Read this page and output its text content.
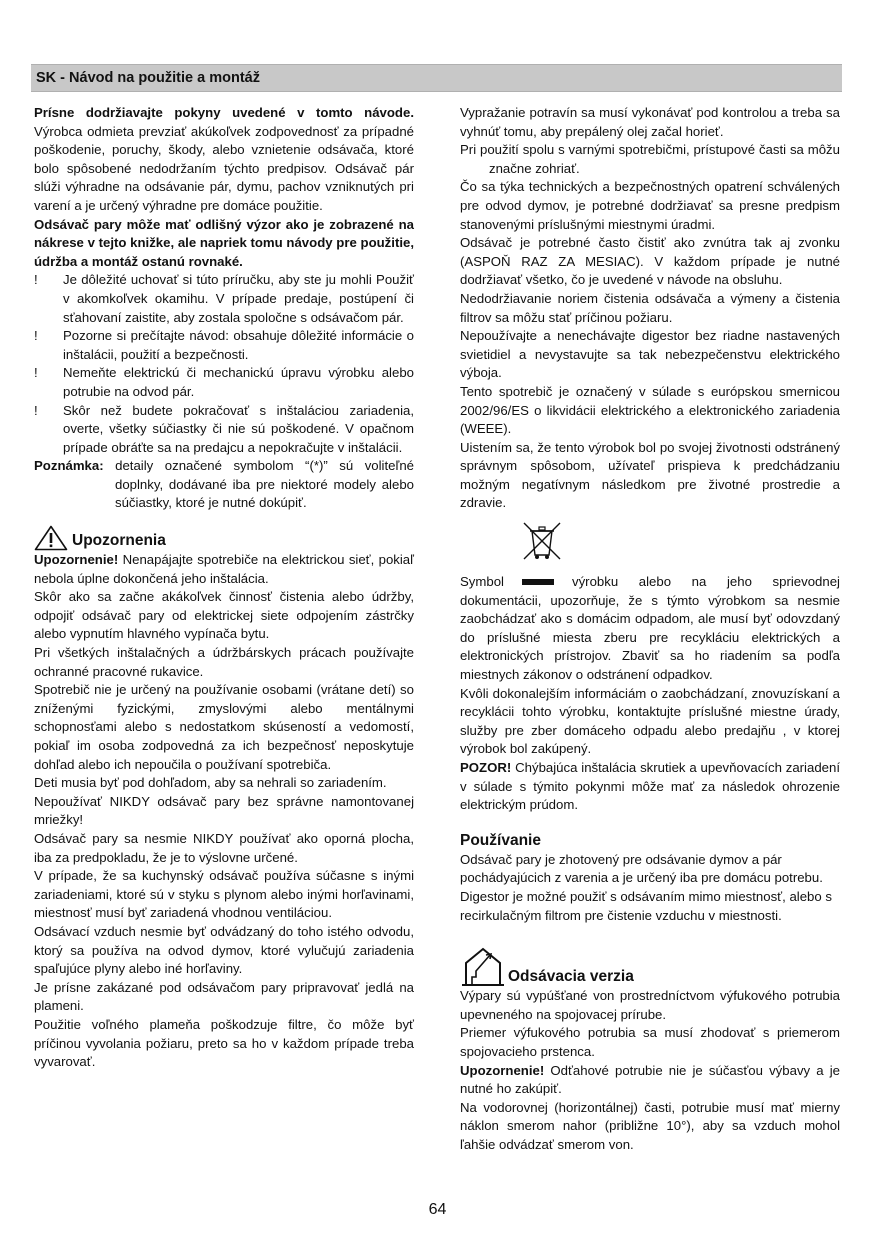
SK - Návod na použitie a montáž

Prísne dodržiavajte pokyny uvedené v tomto návode. Výrobca odmieta prevziať akúkoľvek zodpovednosť za prípadné poškodenie, poruchy, škody, alebo vznietenie odsávača, ktoré bolo spôsobené nedodržaním týchto predpisov. Odsávač pár slúži výhradne na odsávanie pár, dymu, pachov vzniknutých pri varení a je určený výhradne pre domáce použitie.

Odsávač pary môže mať odlišný výzor ako je zobrazené na nákrese v tejto knižke, ale napriek tomu návody pre použitie, údržba a montáž ostanú rovnaké.

!	Je dôležité uchovať si túto príručku, aby ste ju mohli Použiť v akomkoľvek okamihu. V prípade predaje, postúpení či sťahovaní zaistite, aby zostala spoločne s odsávačom pár.
!	Pozorne si prečítajte návod: obsahuje dôležité informácie o inštalácii, použití a bezpečnosti.
!	Nemeňte elektrickú či mechanickú úpravu výrobku alebo potrubie na odvod pár.
!	Skôr než budete pokračovať s inštaláciou zariadenia, overte, všetky súčiastky či nie sú poškodené. V opačnom prípade obráťte sa na predajcu a nepokračujte v inštalácii.

Poznámka: detaily označené symbolom “(*)” sú voliteľné doplnky, dodávané iba pre niektoré modely alebo súčiastky, ktoré je nutné dokúpiť.

Upozornenia

Upozornenie! Nenapájajte spotrebiče na elektrickou sieť, pokiaľ nebola úplne dokončená jeho inštalácia.

Skôr ako sa začne akákoľvek činnosť čistenia alebo údržby, odpojiť odsávač pary od elektrickej siete odpojením zástrčky alebo vypnutím hlavného vypínača bytu.

Pri všetkých inštalačných a údržbárskych prácach používajte ochranné pracovné rukavice.

Spotrebič nie je určený na používanie osobami (vrátane detí) so zníženými fyzickými, zmyslovými alebo mentálnymi schopnosťami alebo s nedostatkom skúseností a vedomostí, pokiaľ im osoba zodpovedná za ich bezpečnosť neposkytuje dohľad alebo ich nepoučila o používaní spotrebiča.

Deti musia byť pod dohľadom, aby sa nehrali so zariadením.

Nepoužívať NIKDY odsávač pary bez správne namontovanej mriežky!

Odsávač pary sa nesmie NIKDY používať ako oporná plocha, iba za predpokladu, že je to výslovne určené.

V prípade, že sa kuchynský odsávač používa súčasne s inými zariadeniami, ktoré sú v styku s plynom alebo inými horľavinami, miestnosť musí byť zariadená vhodnou ventiláciou.

Odsávací vzduch nesmie byť odvádzaný do toho istého odvodu, ktorý sa používa na odvod dymov, ktoré vylučujú zariadenia spaľujúce plyny alebo iné horľaviny.

Je prísne zakázané pod odsávačom pary pripravovať jedlá na plameni.

Použitie voľného plameňa poškodzuje filtre, čo môže byť príčinou vyvolania požiaru, preto sa ho v každom prípade treba vyvarovať.

Vypražanie potravín sa musí vykonávať pod kontrolou a treba sa vyhnúť tomu, aby prepálený olej začal horieť.

Pri použití spolu s varnými spotrebičmi, prístupové časti sa môžu značne zohriať.

Čo sa týka technických a bezpečnostných opatrení schválených pre odvod dymov, je potrebné dodržiavať sa presne predpism stanovenými príslušnými miestnymi úradmi.

Odsávač je potrebné často čistiť ako zvnútra tak aj zvonku (ASPOŇ RAZ ZA MESIAC). V každom prípade je nutné dodržiavať všetko, čo je uvedené v návode na obsluhu.

Nedodržiavanie noriem čistenia odsávača a výmeny a čistenia filtrov sa môžu stať príčinou požiaru.

Nepoužívajte a nenechávajte digestor bez riadne nastavených svietidiel a nevystavujte sa tak nebezpečenstvu elektrického výboja.

Tento spotrebič je označený v súlade s európskou smernicou 2002/96/ES o likvidácii elektrického a elektronického zariadenia (WEEE).

Uistením sa, že tento výrobok bol po svojej životnosti odstránený správnym spôsobom, užívateľ prispieva k predchádzaniu možným negatívnym následkom pre životné prostredie a zdravie.

Symbol	výrobku alebo na jeho sprievodnej dokumentácii, upozorňuje, že s týmto výrobkom sa nesmie zaobchádzať ako s domácim odpadom, ale musí byť odovzdaný do príslušné miesta zberu pre recykláciu elektrických a elektronických prístrojov. Zbaviť sa ho riadením sa podľa miestnych zákonov o odstránení odpadkov.

Kvôli dokonalejším informáciám o zaobchádzaní, znovuzískaní a recyklácii tohto výrobku, kontaktujte príslušné miestne úrady, služby pre zber domáceho odpadu alebo predajňu , v ktorej výrobok bol zakúpený.

POZOR! Chýbajúca inštalácia skrutiek a upevňovacích zariadení v súlade s týmito pokynmi môže mať za následok ohrozenie elektrickým prúdom.

Používanie

Odsávač pary je zhotovený pre odsávanie dymov a pár pochádyajúcich z varenia a je určený iba pre domácu potrebu. Digestor je možné použiť s odsávaním mimo miestnosť, alebo s recirkulačným filtrom pre čistenie vzduchu v miestnosti.

Odsávacia verzia

Výpary sú vypúšťané von prostredníctvom výfukového potrubia upevneného na spojovacej prírube.

Priemer výfukového potrubia sa musí zhodovať s priemerom spojovacieho prstenca.

Upozornenie! Odťahové potrubie nie je súčasťou výbavy a je nutné ho zakúpiť.

Na vodorovnej (horizontálnej) časti, potrubie musí mať mierny náklon smerom nahor (približne 10°), aby sa vzduch mohol ľahšie odvádzať smerom von.

64
